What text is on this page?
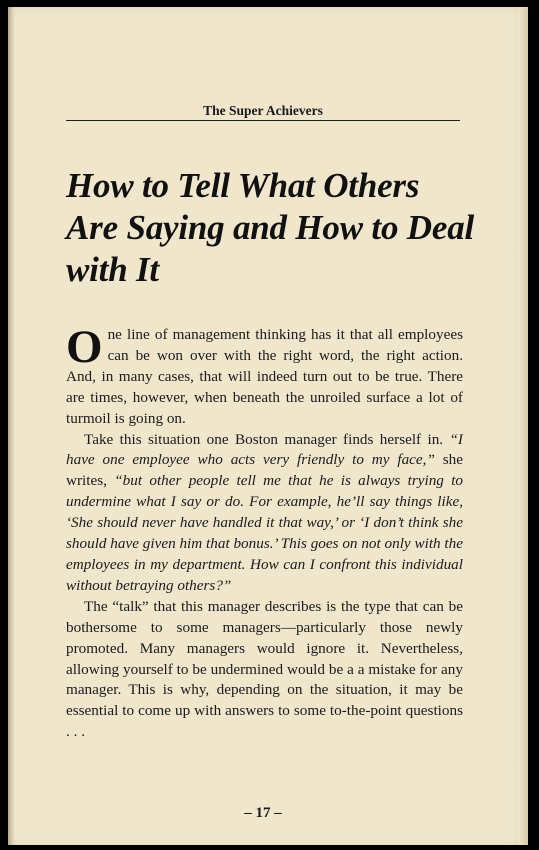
The Super Achievers
How to Tell What Others Are Saying and How to Deal with It

One line of management thinking has it that all employees can be won over with the right word, the right action. And, in many cases, that will indeed turn out to be true. There are times, however, when beneath the unroiled surface a lot of turmoil is going on.

Take this situation one Boston manager finds herself in. “I have one employee who acts very friendly to my face,” she writes, “but other people tell me that he is always trying to undermine what I say or do. For example, he’ll say things like, ‘She should never have handled it that way,’ or ‘I don’t think she should have given him that bonus.’ This goes on not only with the employees in my department. How can I confront this individual without betraying others?”

The “talk” that this manager describes is the type that can be bothersome to some managers—particularly those newly promoted. Many managers would ignore it. Nevertheless, allowing yourself to be undermined would be a a mistake for any manager. This is why, depending on the situation, it may be essential to come up with answers to some to-the-point questions . . .

– 17 –
